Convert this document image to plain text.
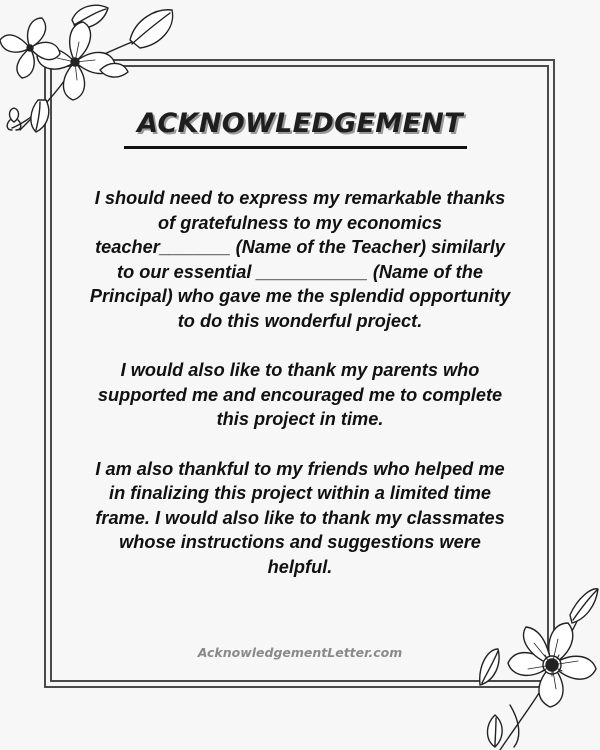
ACKNOWLEDGEMENT

I should need to express my remarkable thanks of gratefulness to my economics teacher_______ (Name of the Teacher) similarly to our essential ___________ (Name of the Principal) who gave me the splendid opportunity to do this wonderful project.

I would also like to thank my parents who supported me and encouraged me to complete this project in time.

I am also thankful to my friends who helped me in finalizing this project within a limited time frame. I would also like to thank my classmates whose instructions and suggestions were helpful.

AcknowledgementLetter.com
